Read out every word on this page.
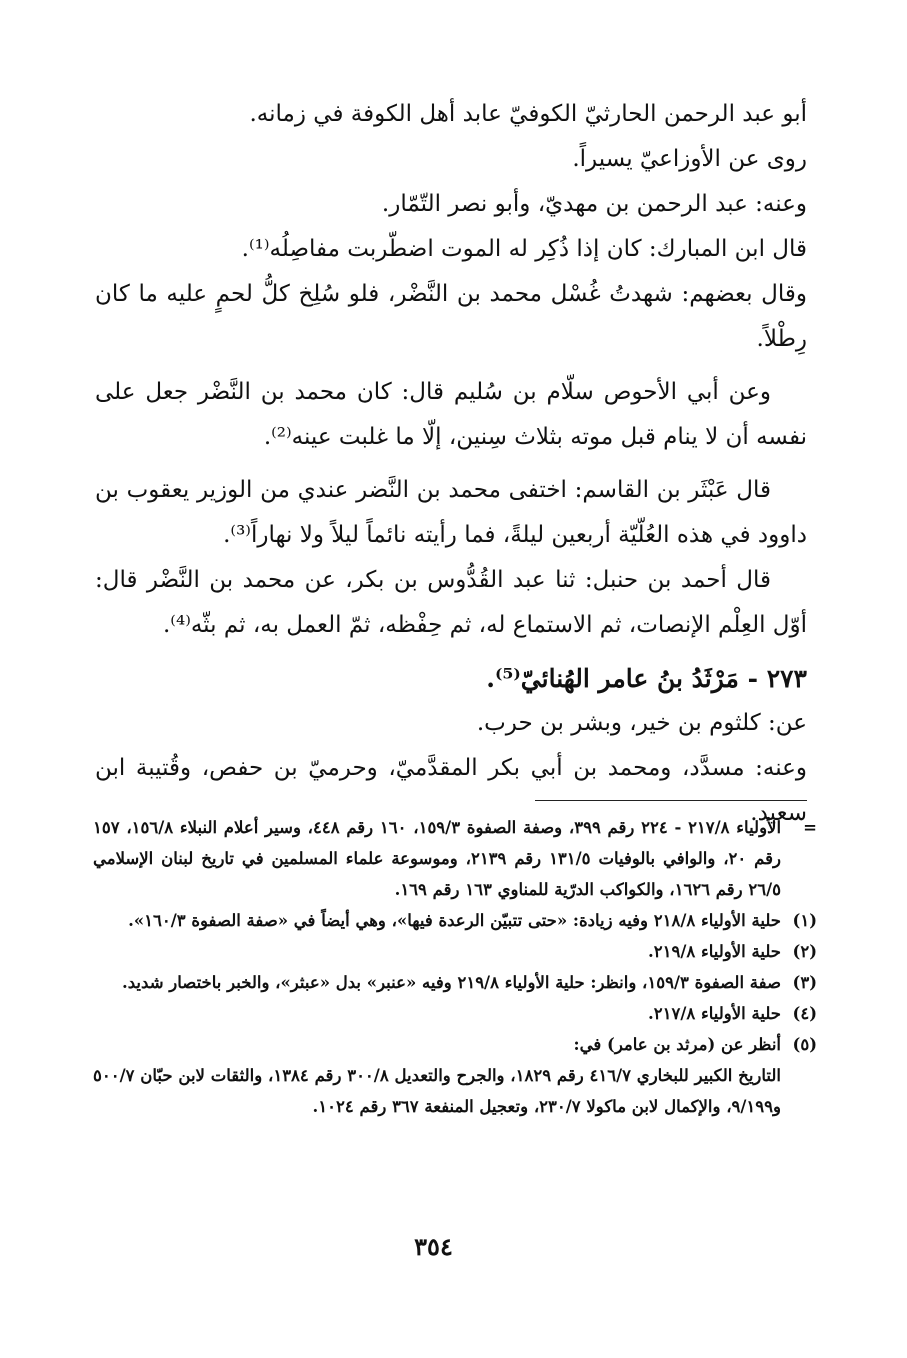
أبو عبد الرحمن الحارثيّ الكوفيّ عابد أهل الكوفة في زمانه.

روى عن الأوزاعيّ يسيراً.

وعنه: عبد الرحمن بن مهديّ، وأبو نصر التّمّار.

قال ابن المبارك: كان إذا ذُكِر له الموت اضطّربت مفاصِلُه⁽¹⁾.

وقال بعضهم: شهدتُ غُسْل محمد بن النَّضْر، فلو سُلِخ كلُّ لحمٍ عليه ما كان رِطْلاً.

وعن أبي الأحوص سلّام بن سُليم قال: كان محمد بن النَّضْر جعل على نفسه أن لا ينام قبل موته بثلاث سِنين، إلّا ما غلبت عينه⁽²⁾.

قال عَبْثَر بن القاسم: اختفى محمد بن النَّضر عندي من الوزير يعقوب بن داوود في هذه العُلّيّة أربعين ليلةً، فما رأيته نائماً ليلاً ولا نهاراً⁽³⁾.

قال أحمد بن حنبل: ثنا عبد القُدُّوس بن بكر، عن محمد بن النَّضْر قال: أوّل العِلْم الإنصات، ثم الاستماع له، ثم حِفْظه، ثمّ العمل به، ثم بثّه⁽⁴⁾.

٢٧٣ - مَرْثَدُ بنُ عامر الهُنائيّ⁽⁵⁾.

عن: كلثوم بن خير، وبشر بن حرب.

وعنه: مسدَّد، ومحمد بن أبي بكر المقدَّميّ، وحرميّ بن حفص، وقُتيبة ابن سعيد.

=
الأولياء ٢١٧/٨ - ٢٢٤ رقم ٣٩٩، وصفة الصفوة ١٥٩/٣، ١٦٠ رقم ٤٤٨، وسير أعلام النبلاء ١٥٦/٨، ١٥٧ رقم ٢٠، والوافي بالوفيات ١٣١/٥ رقم ٢١٣٩، وموسوعة علماء المسلمين في تاريخ لبنان الإسلامي ٢٦/٥ رقم ١٦٢٦، والكواكب الدرّية للمناوي ١٦٣ رقم ١٦٩.
(١)
حلية الأولياء ٢١٨/٨ وفيه زيادة: «حتى تتبيّن الرعدة فيها»، وهي أيضاً في «صفة الصفوة ١٦٠/٣».
(٢)
حلية الأولياء ٢١٩/٨.
(٣)
صفة الصفوة ١٥٩/٣، وانظر: حلية الأولياء ٢١٩/٨ وفيه «عنبر» بدل «عبثر»، والخبر باختصار شديد.
(٤)
حلية الأولياء ٢١٧/٨.
(٥)
أنظر عن (مرثد بن عامر) في:
التاريخ الكبير للبخاري ٤١٦/٧ رقم ١٨٢٩، والجرح والتعديل ٣٠٠/٨ رقم ١٣٨٤، والثقات لابن حبّان ٥٠٠/٧ و٩/١٩٩، والإكمال لابن ماكولا ٢٣٠/٧، وتعجيل المنفعة ٣٦٧ رقم ١٠٢٤.
٣٥٤
